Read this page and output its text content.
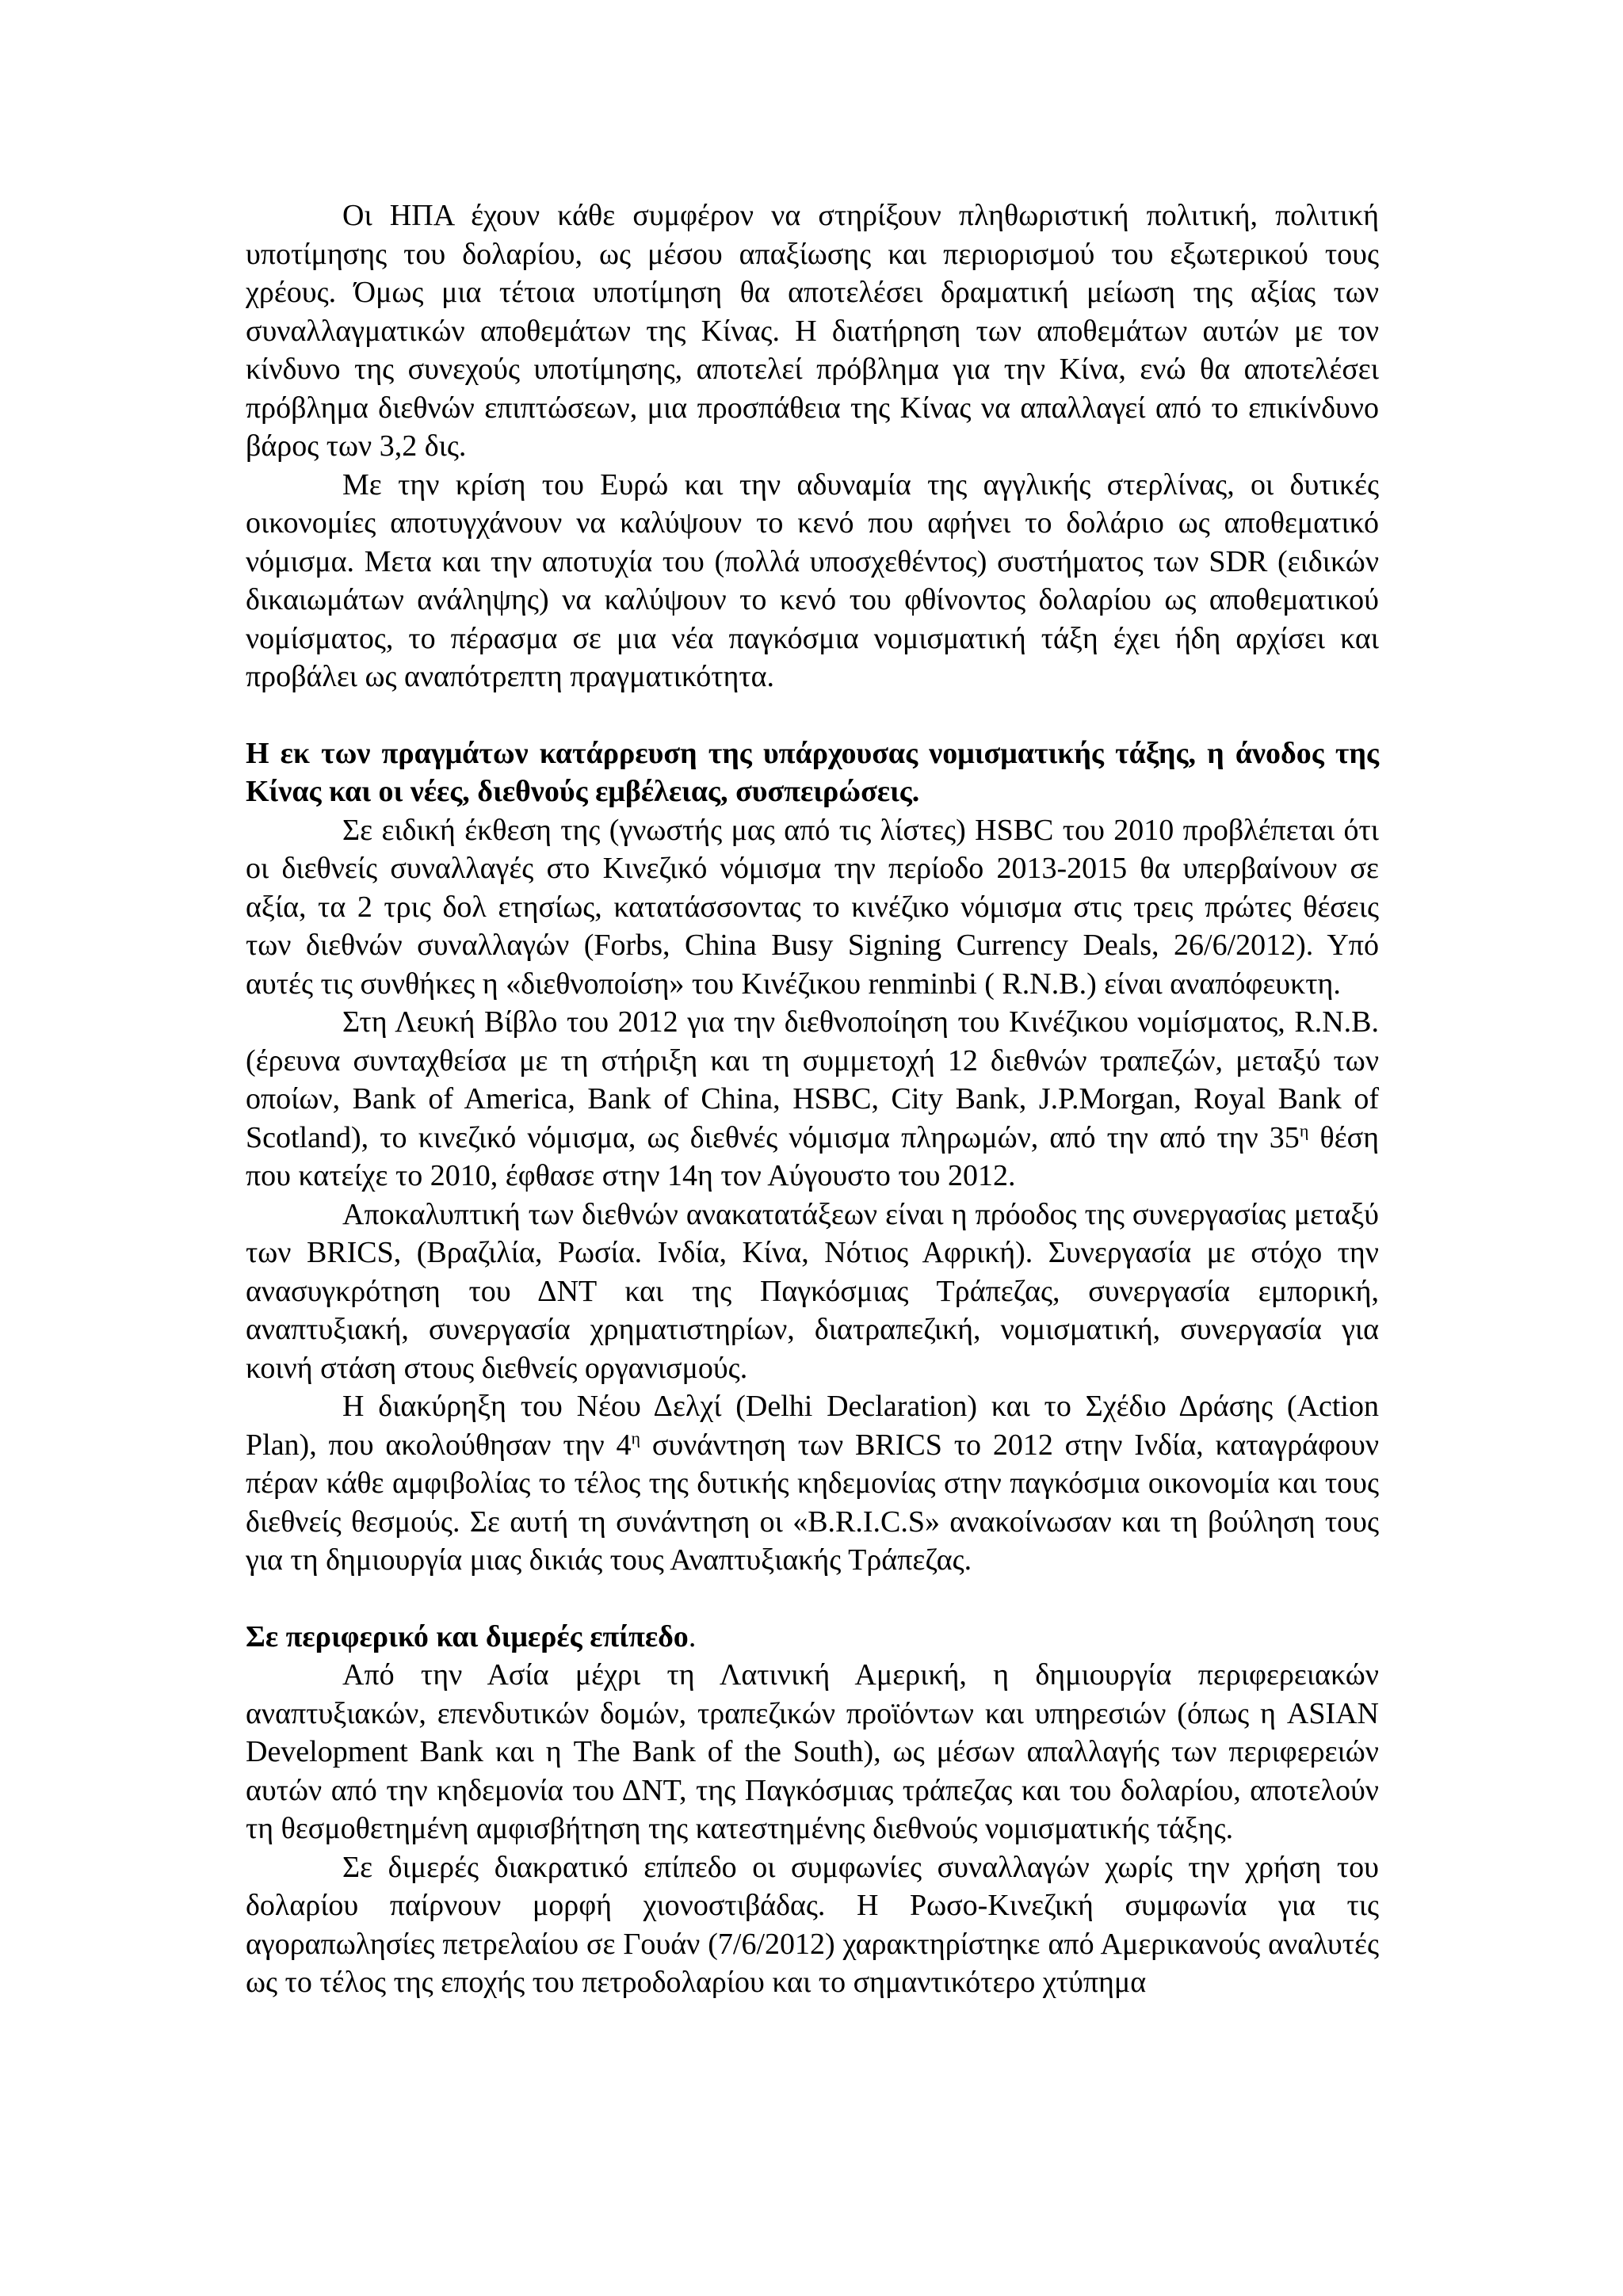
Οι ΗΠΑ έχουν κάθε συμφέρον να στηρίξουν πληθωριστική πολιτική, πολιτική υποτίμησης του δολαρίου, ως μέσου απαξίωσης και περιορισμού του εξωτερικού τους χρέους. Όμως μια τέτοια υποτίμηση θα αποτελέσει δραματική μείωση της αξίας των συναλλαγματικών αποθεμάτων της Κίνας. Η διατήρηση των αποθεμάτων αυτών με τον κίνδυνο της συνεχούς υποτίμησης, αποτελεί πρόβλημα για την Κίνα, ενώ θα αποτελέσει πρόβλημα διεθνών επιπτώσεων, μια προσπάθεια της Κίνας να απαλλαγεί από το επικίνδυνο βάρος των 3,2 δις.

Με την κρίση του Ευρώ και την αδυναμία της αγγλικής στερλίνας, οι δυτικές οικονομίες αποτυγχάνουν να καλύψουν το κενό που αφήνει το δολάριο ως αποθεματικό νόμισμα. Μετα και την αποτυχία του (πολλά υποσχεθέντος) συστήματος των SDR (ειδικών δικαιωμάτων ανάληψης) να καλύψουν το κενό του φθίνοντος δολαρίου ως αποθεματικού νομίσματος, το πέρασμα σε μια νέα παγκόσμια νομισματική τάξη έχει ήδη αρχίσει και προβάλει ως αναπότρεπτη πραγματικότητα.

Η εκ των πραγμάτων κατάρρευση της υπάρχουσας νομισματικής τάξης, η άνοδος της Κίνας και οι νέες, διεθνούς εμβέλειας, συσπειρώσεις.

Σε ειδική έκθεση της (γνωστής μας από τις λίστες) HSBC του 2010 προβλέπεται ότι οι διεθνείς συναλλαγές στο Κινεζικό νόμισμα την περίοδο 2013-2015 θα υπερβαίνουν σε αξία, τα 2 τρις δολ ετησίως, κατατάσσοντας το κινέζικο νόμισμα στις τρεις πρώτες θέσεις των διεθνών συναλλαγών (Forbs, China Busy Signing Currency Deals, 26/6/2012). Υπό αυτές τις συνθήκες η «διεθνοποίση» του Κινέζικου renminbi ( R.N.B.) είναι αναπόφευκτη.

Στη Λευκή Βίβλο του 2012 για την διεθνοποίηση του Κινέζικου νομίσματος, R.N.B. (έρευνα συνταχθείσα με τη στήριξη και τη συμμετοχή 12 διεθνών τραπεζών, μεταξύ των οποίων, Bank of America, Bank of China, HSBC, City Bank, J.P.Morgan, Royal Bank of Scotland), το κινεζικό νόμισμα, ως διεθνές νόμισμα πληρωμών, από την από την $35^\eta$ θέση που κατείχε το 2010, έφθασε στην 14η τον Αύγουστο του 2012.

Αποκαλυπτική των διεθνών ανακατατάξεων είναι η πρόοδος της συνεργασίας μεταξύ των BRICS, (Βραζιλία, Ρωσία. Ινδία, Κίνα, Νότιος Αφρική). Συνεργασία με στόχο την ανασυγκρότηση του ΔΝΤ και της Παγκόσμιας Τράπεζας, συνεργασία εμπορική, αναπτυξιακή, συνεργασία χρηματιστηρίων, διατραπεζική, νομισματική, συνεργασία για κοινή στάση στους διεθνείς οργανισμούς.

Η διακύρηξη του Νέου Δελχί (Delhi Declaration) και το Σχέδιο Δράσης (Action Plan), που ακολούθησαν την $4^\eta$ συνάντηση των BRICS το 2012 στην Ινδία, καταγράφουν πέραν κάθε αμφιβολίας το τέλος της δυτικής κηδεμονίας στην παγκόσμια οικονομία και τους διεθνείς θεσμούς. Σε αυτή τη συνάντηση οι «B.R.I.C.S» ανακοίνωσαν και τη βούληση τους για τη δημιουργία μιας δικιάς τους Αναπτυξιακής Τράπεζας.

Σε περιφερικό και διμερές επίπεδο.

Από την Ασία μέχρι τη Λατινική Αμερική, η δημιουργία περιφερειακών αναπτυξιακών, επενδυτικών δομών, τραπεζικών προϊόντων και υπηρεσιών (όπως η ASIAN Development Bank και η The Bank of the South), ως μέσων απαλλαγής των περιφερειών αυτών από την κηδεμονία του ΔΝΤ, της Παγκόσμιας τράπεζας και του δολαρίου, αποτελούν τη θεσμοθετημένη αμφισβήτηση της κατεστημένης διεθνούς νομισματικής τάξης.

Σε διμερές διακρατικό επίπεδο οι συμφωνίες συναλλαγών χωρίς την χρήση του δολαρίου παίρνουν μορφή χιονοστιβάδας. Η Ρωσο-Κινεζική συμφωνία για τις αγοραπωλησίες πετρελαίου σε Γουάν (7/6/2012) χαρακτηρίστηκε από Αμερικανούς αναλυτές ως το τέλος της εποχής του πετροδολαρίου και το σημαντικότερο χτύπημα
